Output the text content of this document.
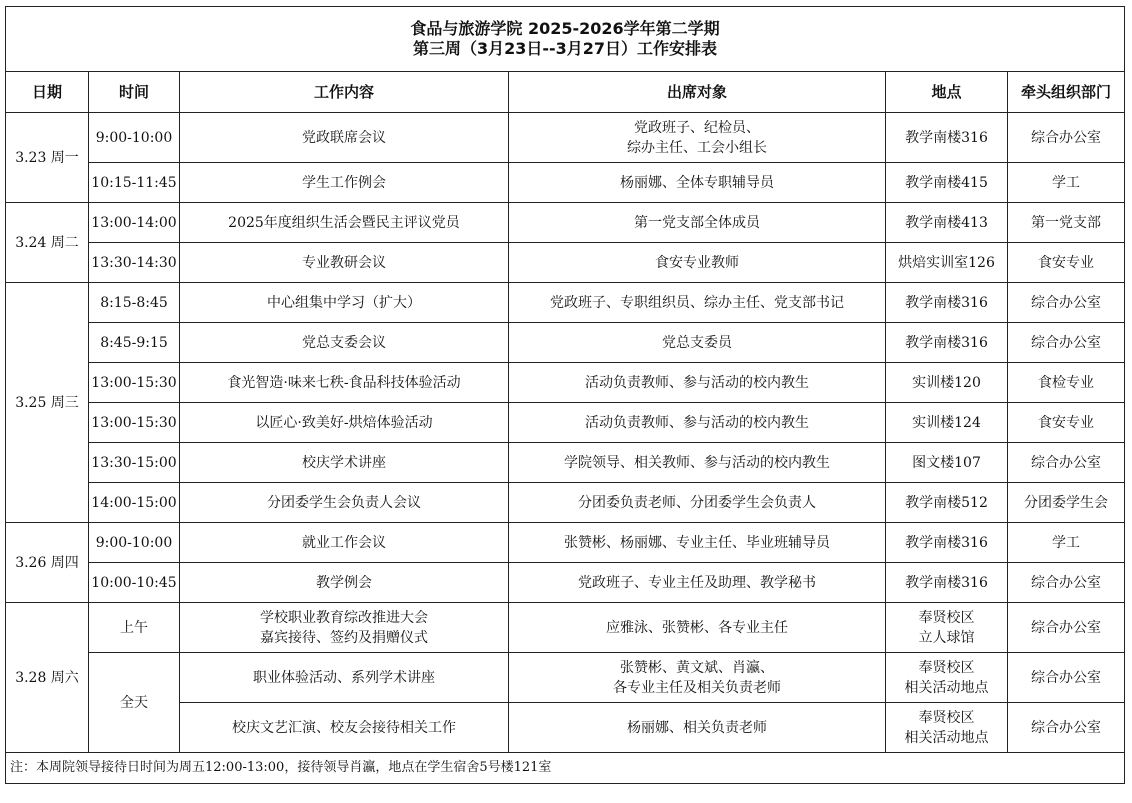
食品与旅游学院 2025-2026学年第二学期
第三周（3月23日--3月27日）工作安排表					

日期	时间	工作内容	出席对象	地点	牵头组织部门
3.23 周一	9:00-10:00	党政联席会议	党政班子、纪检员、
综办主任、工会小组长	教学南楼316	综合办公室
	10:15-11:45	学生工作例会	杨丽娜、全体专职辅导员	教学南楼415	学工
3.24 周二	13:00-14:00	2025年度组织生活会暨民主评议党员	第一党支部全体成员	教学南楼413	第一党支部
	13:30-14:30	专业教研会议	食安专业教师	烘焙实训室126	食安专业
3.25 周三	8:15-8:45	中心组集中学习（扩大）	党政班子、专职组织员、综办主任、党支部书记	教学南楼316	综合办公室
	8:45-9:15	党总支委会议	党总支委员	教学南楼316	综合办公室
	13:00-15:30	食光智造·味来七秩-食品科技体验活动	活动负责教师、参与活动的校内教生	实训楼120	食检专业
	13:00-15:30	以匠心·致美好-烘焙体验活动	活动负责教师、参与活动的校内教生	实训楼124	食安专业
	13:30-15:00	校庆学术讲座	学院领导、相关教师、参与活动的校内教生	图文楼107	综合办公室
	14:00-15:00	分团委学生会负责人会议	分团委负责老师、分团委学生会负责人	教学南楼512	分团委学生会
3.26 周四	9:00-10:00	就业工作会议	张赞彬、杨丽娜、专业主任、毕业班辅导员	教学南楼316	学工
	10:00-10:45	教学例会	党政班子、专业主任及助理、教学秘书	教学南楼316	综合办公室
3.28 周六	上午	学校职业教育综改推进大会
嘉宾接待、签约及捐赠仪式	应雅泳、张赞彬、各专业主任	奉贤校区
立人球馆	综合办公室
	全天	职业体验活动、系列学术讲座	张赞彬、黄文斌、肖瀛、
各专业主任及相关负责老师	奉贤校区
相关活动地点	综合办公室
		校庆文艺汇演、校友会接待相关工作	杨丽娜、相关负责老师	奉贤校区
相关活动地点	综合办公室
注：本周院领导接待日时间为周五12:00-13:00，接待领导肖瀛，地点在学生宿舍5号楼121室					
